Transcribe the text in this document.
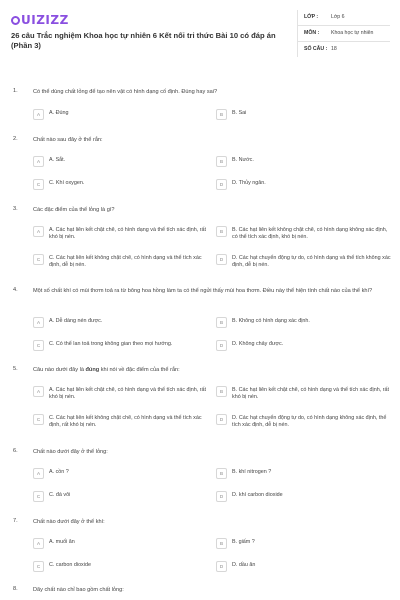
UIZIZZ
26 câu Trắc nghiệm Khoa học tự nhiên 6 Kết nối tri thức Bài 10 có đáp án (Phần 3)
LỚP :	Lớp 6
MÔN :	Khoa học tự nhiên
SỐ CÂU : 18
1.	Có thể dùng chất lỏng để tạo nên vật có hình dạng cố định. Đúng hay sai?
A	A. Đúng	B	B. Sai
2.	Chất nào sau đây ở thể rắn:
A	A. Sắt.	B	B. Nước.
C	C. Khí oxygen.	D	D. Thủy ngân.
3.	Các đặc điểm của thể lỏng là gì?
A	A. Các hạt liên kết chặt chẽ, có hình dạng và thể tích xác định, rất khó bị nén.
B	B. Các hạt liên kết không chặt chẽ, có hình dạng không xác định, có thể tích xác định, khó bị nén.
C	C. Các hạt liên kết không chặt chẽ, có hình dạng và thể tích xác định, dễ bị nén.
D	D. Các hạt chuyển động tự do, có hình dạng và thể tích không xác định, dễ bị nén.
4.	Một số chất khí có mùi thơm toả ra từ bông hoa hồng làm ta có thể ngửi thấy mùi hoa thơm. Điều này thể hiện tính chất nào của thể khí?
A	A. Dễ dàng nén được.	B	B. Không có hình dạng xác định.
C	C. Có thể lan toả trong không gian theo mọi hướng.	D	D. Không chảy được.
5.	Câu nào dưới đây là đúng khi nói về đặc điểm của thể rắn:
A	A. Các hạt liên kết chặt chẽ, có hình dạng và thể tích xác định, rất khó bị nén.
B	B. Các hạt liên kết chặt chẽ, có hình dạng và thể tích xác định, rất khó bị nén.
C	C. Các hạt liên kết không chặt chẽ, có hình dạng và thể tích xác định, rất khó bị nén.
D	D. Các hạt chuyển động tự do, có hình dạng không xác định, thể tích xác định, dễ bị nén.
6.	Chất nào dưới đây ở thể lỏng:
A	A. cồn ?	B	B. khí nitrogen ?
C	C. đá vôi	D	D. khí carbon dioxide
7.	Chất nào dưới đây ở thể khí:
A	A. muối ăn	B	B. giấm ?
C	C. carbon dioxide	D	D. dầu ăn
8.	Dãy chất nào chỉ bao gồm chất lỏng:
